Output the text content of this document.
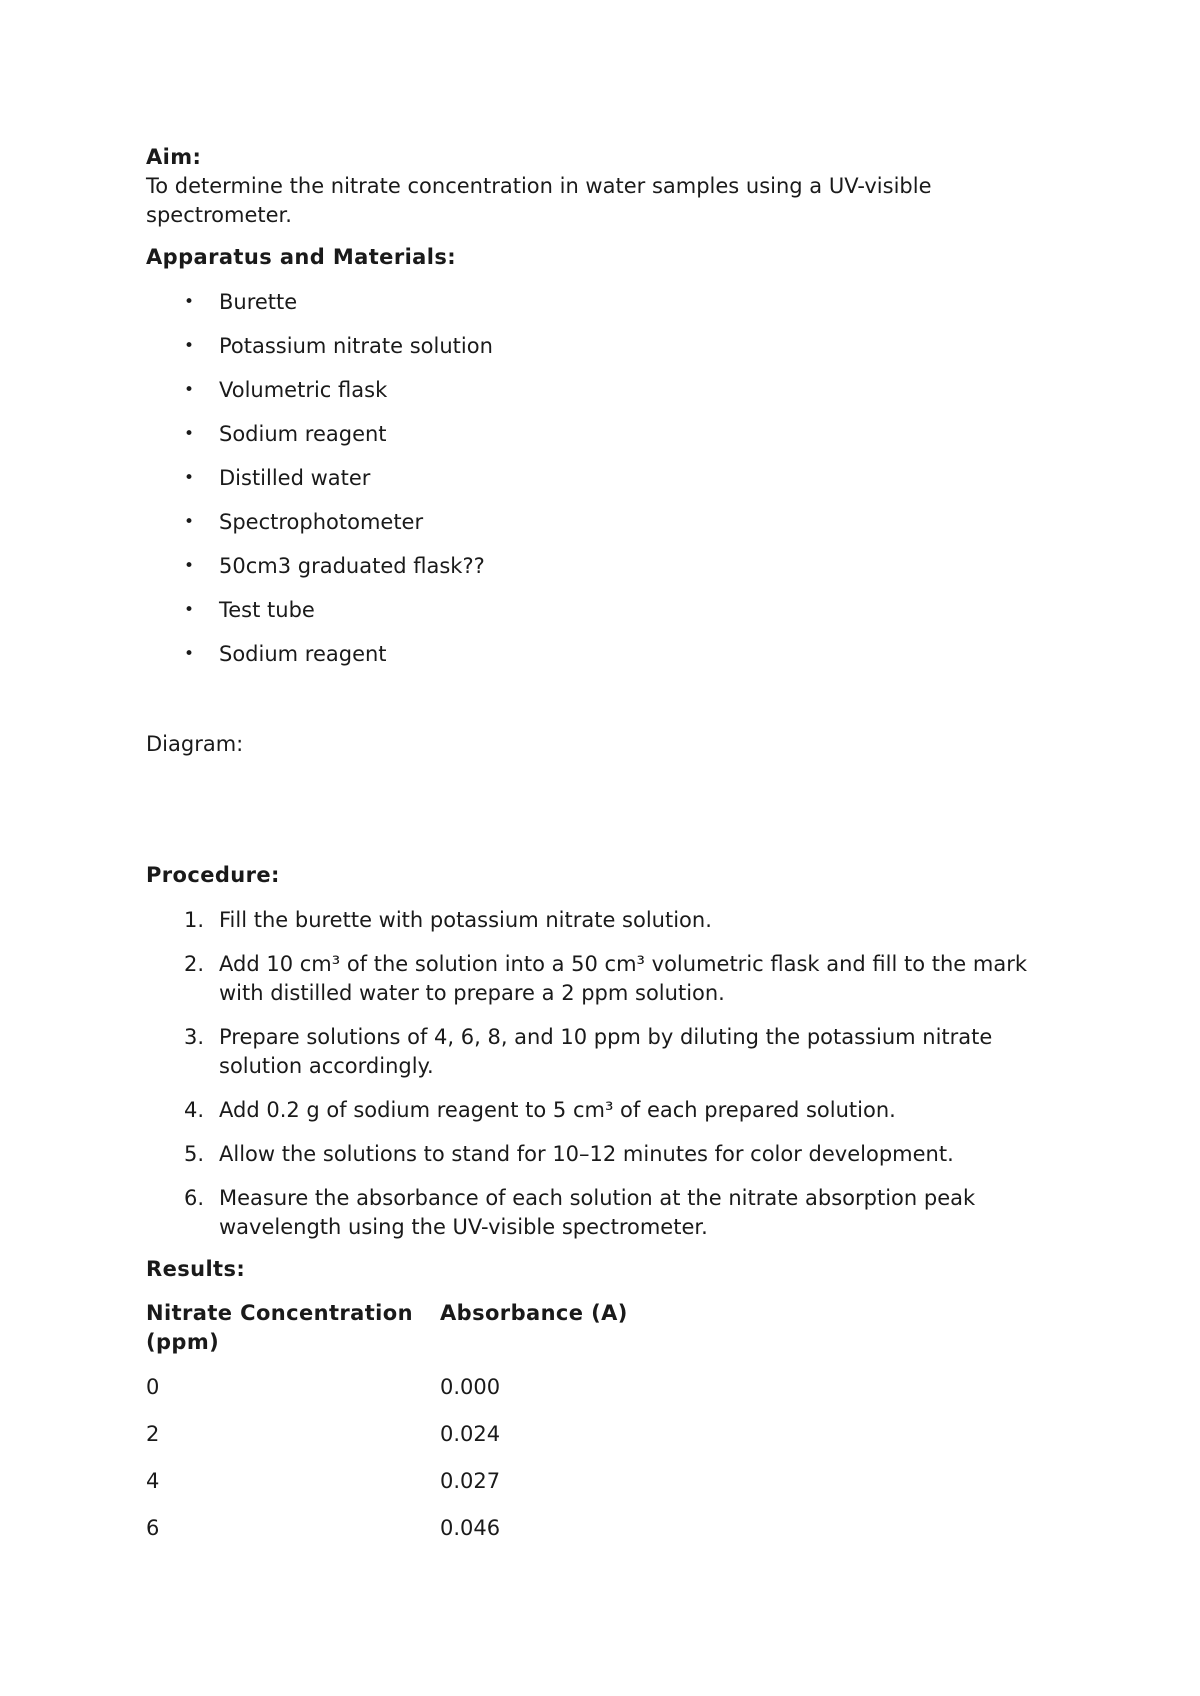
Aim:

To determine the nitrate concentration in water samples using a UV-visible spectrometer.

Apparatus and Materials:

• Burette
• Potassium nitrate solution
• Volumetric flask
• Sodium reagent
• Distilled water
• Spectrophotometer
• 50cm3 graduated flask??
• Test tube
• Sodium reagent

Diagram:

Procedure:

1. Fill the burette with potassium nitrate solution.
2. Add 10 cm³ of the solution into a 50 cm³ volumetric flask and fill to the mark with distilled water to prepare a 2 ppm solution.
3. Prepare solutions of 4, 6, 8, and 10 ppm by diluting the potassium nitrate solution accordingly.
4. Add 0.2 g of sodium reagent to 5 cm³ of each prepared solution.
5. Allow the solutions to stand for 10–12 minutes for color development.
6. Measure the absorbance of each solution at the nitrate absorption peak wavelength using the UV-visible spectrometer.

Results:

Nitrate Concentration (ppm)	Absorbance (A)
0	0.000
2	0.024
4	0.027
6	0.046
